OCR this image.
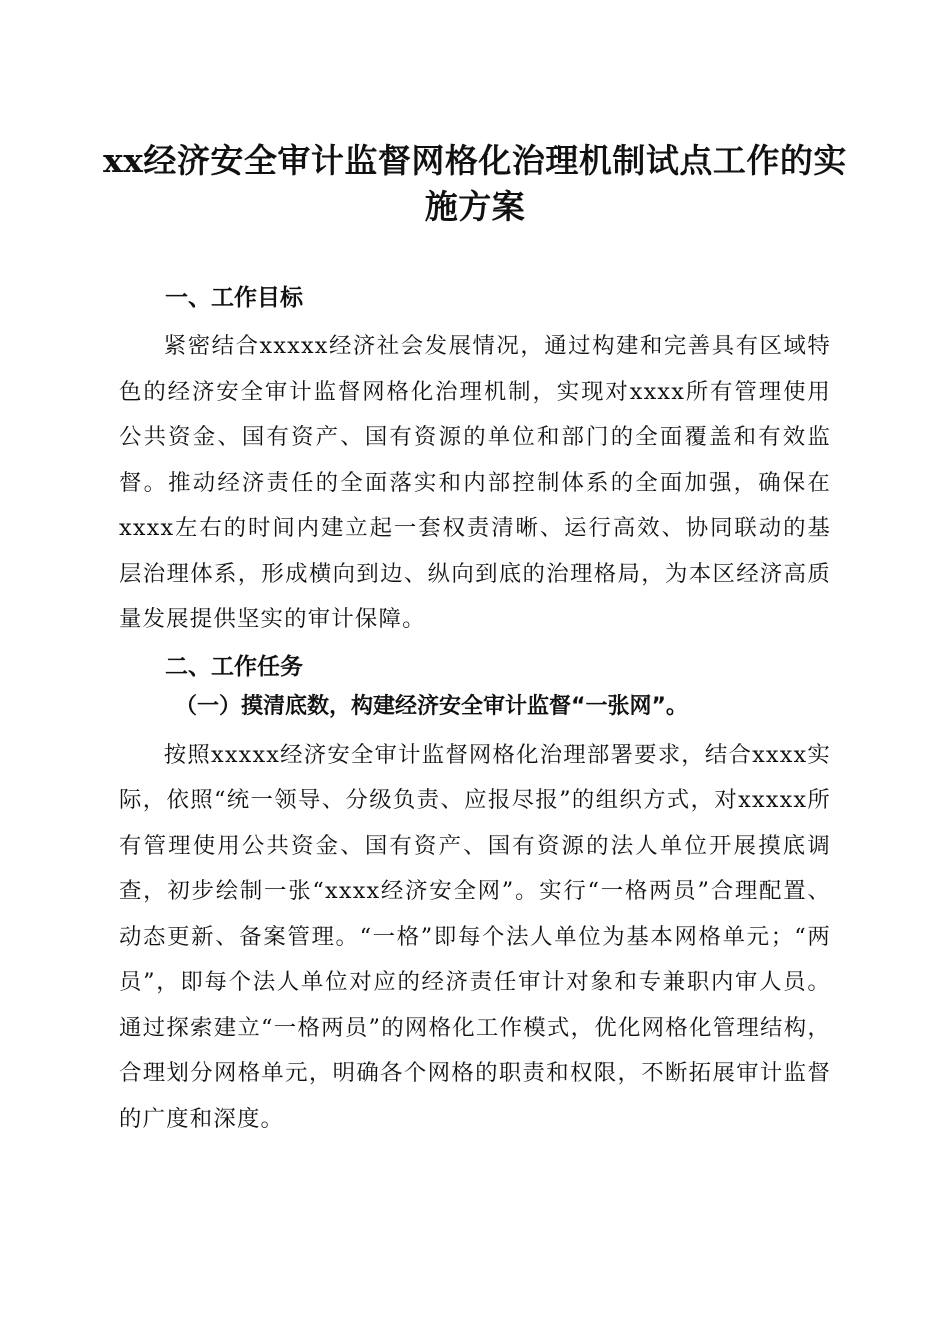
xx经济安全审计监督网格化治理机制试点工作的实施方案

一、工作目标

紧密结合xxxxx经济社会发展情况，通过构建和完善具有区域特色的经济安全审计监督网格化治理机制，实现对xxxx所有管理使用公共资金、国有资产、国有资源的单位和部门的全面覆盖和有效监督。推动经济责任的全面落实和内部控制体系的全面加强，确保在xxxx左右的时间内建立起一套权责清晰、运行高效、协同联动的基层治理体系，形成横向到边、纵向到底的治理格局，为本区经济高质量发展提供坚实的审计保障。

二、工作任务

（一）摸清底数，构建经济安全审计监督“一张网”。

按照xxxxx经济安全审计监督网格化治理部署要求，结合xxxx实际，依照“统一领导、分级负责、应报尽报”的组织方式，对xxxxx所有管理使用公共资金、国有资产、国有资源的法人单位开展摸底调查，初步绘制一张“xxxx经济安全网”。实行“一格两员”合理配置、动态更新、备案管理。“一格”即每个法人单位为基本网格单元；“两员”，即每个法人单位对应的经济责任审计对象和专兼职内审人员。通过探索建立“一格两员”的网格化工作模式，优化网格化管理结构，合理划分网格单元，明确各个网格的职责和权限，不断拓展审计监督的广度和深度。
